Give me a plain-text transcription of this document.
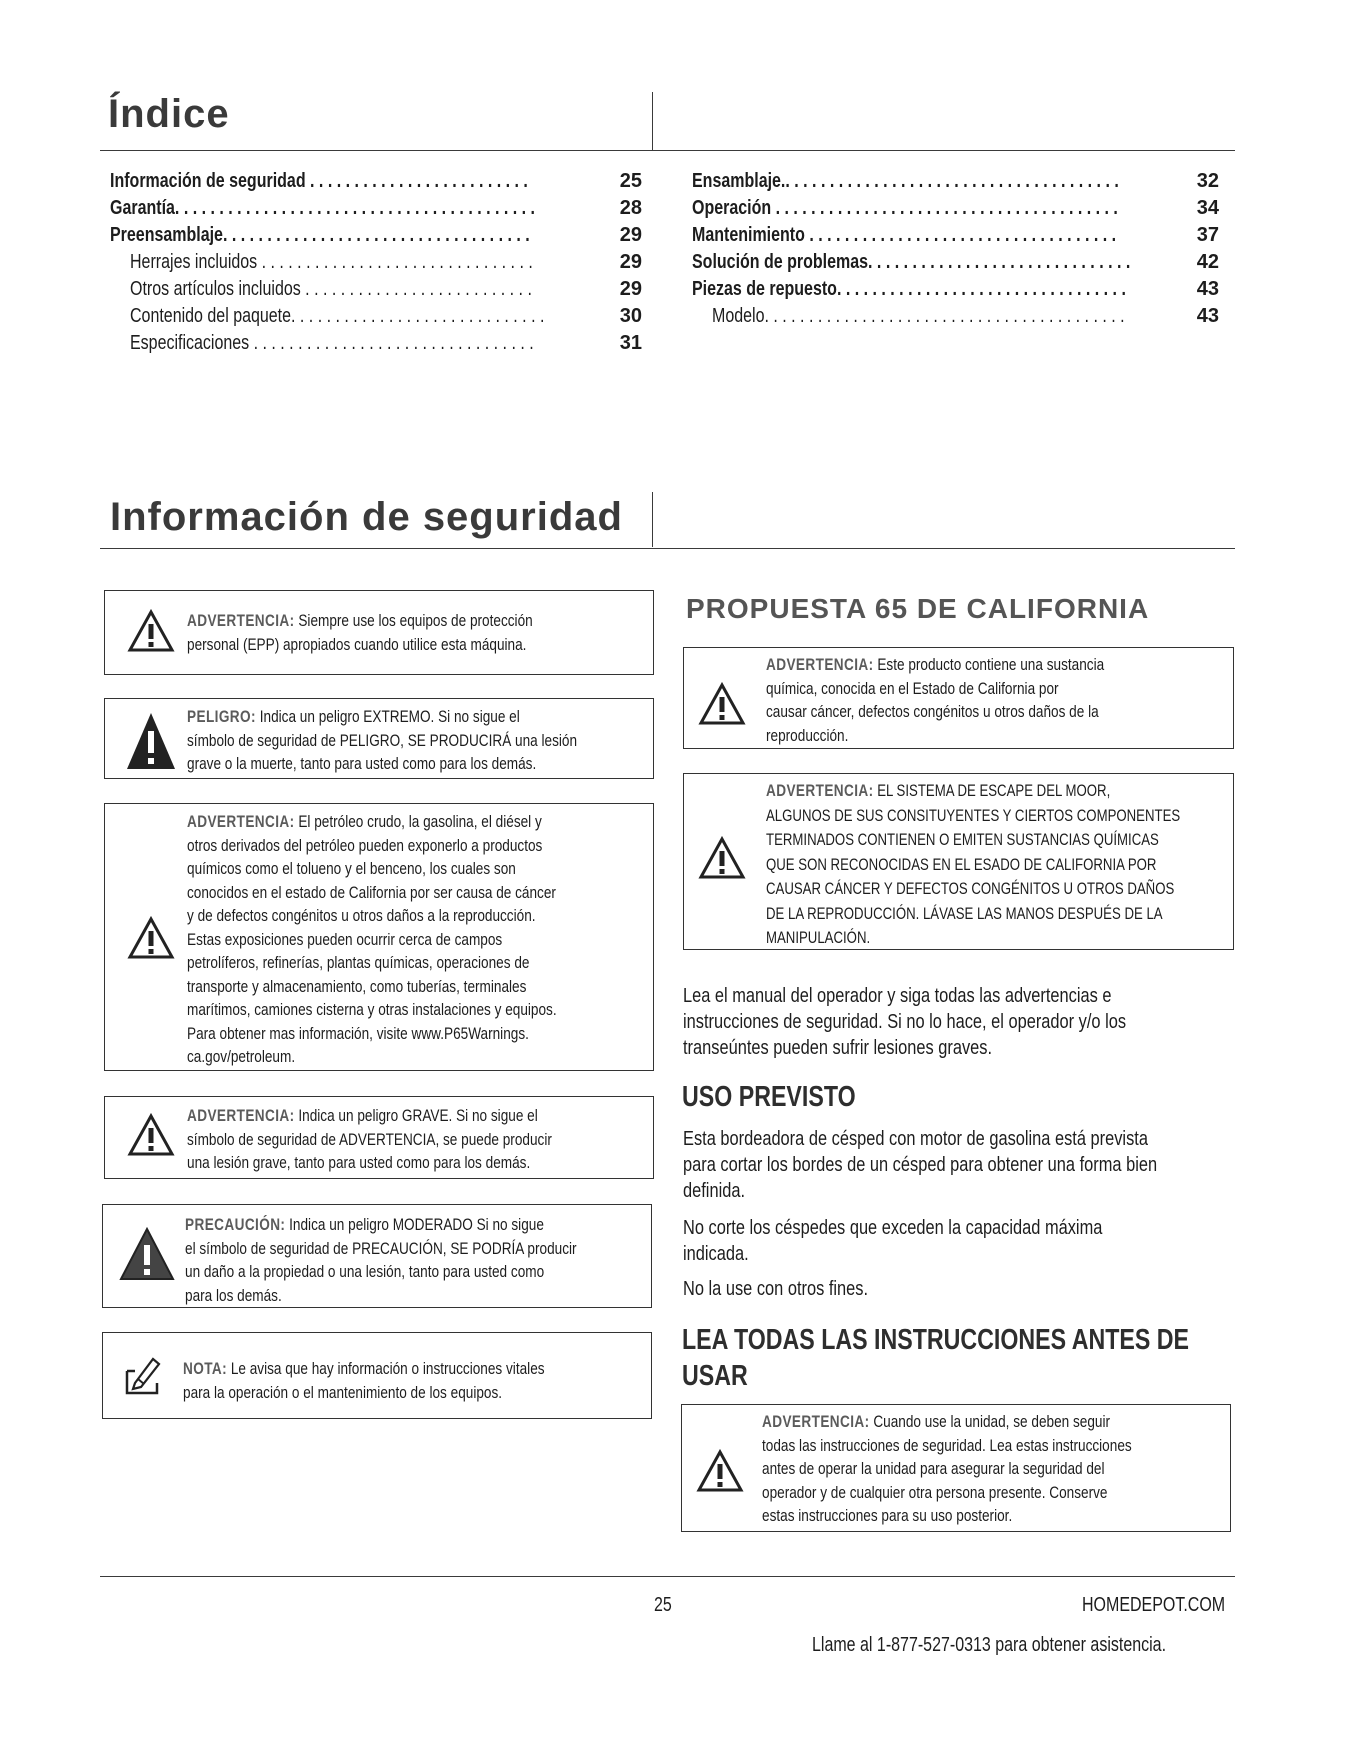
Índice
Información de seguridad . . . . . . . . . . . . . . . . . . . . . . . . .	25
Garantía. . . . . . . . . . . . . . . . . . . . . . . . . . . . . . . . . . . . . . . . .	28
Preensamblaje. . . . . . . . . . . . . . . . . . . . . . . . . . . . . . . . . . .	29
Herrajes incluidos . . . . . . . . . . . . . . . . . . . . . . . . . . . . . . .	29
Otros artículos incluidos . . . . . . . . . . . . . . . . . . . . . . . . . .	29
Contenido del paquete. . . . . . . . . . . . . . . . . . . . . . . . . . . . .	30
Especificaciones . . . . . . . . . . . . . . . . . . . . . . . . . . . . . . . .	31
Ensamblaje.. . . . . . . . . . . . . . . . . . . . . . . . . . . . . . . . . . . . . .	32
Operación . . . . . . . . . . . . . . . . . . . . . . . . . . . . . . . . . . . . . . .	34
Mantenimiento . . . . . . . . . . . . . . . . . . . . . . . . . . . . . . . . . . .	37
Solución de problemas. . . . . . . . . . . . . . . . . . . . . . . . . . . . . .	42
Piezas de repuesto. . . . . . . . . . . . . . . . . . . . . . . . . . . . . . . . .	43
Modelo. . . . . . . . . . . . . . . . . . . . . . . . . . . . . . . . . . . . . . . . .	43
Información de seguridad
ADVERTENCIA: Siempre use los equipos de protección
personal (EPP) apropiados cuando utilice esta máquina.
PELIGRO: Indica un peligro EXTREMO. Si no sigue el
símbolo de seguridad de PELIGRO, SE PRODUCIRÁ una lesión
grave o la muerte, tanto para usted como para los demás.
ADVERTENCIA: El petróleo crudo, la gasolina, el diésel y
otros derivados del petróleo pueden exponerlo a productos
químicos como el tolueno y el benceno, los cuales son
conocidos en el estado de California por ser causa de cáncer
y de defectos congénitos u otros daños a la reproducción.
Estas exposiciones pueden ocurrir cerca de campos
petrolíferos, refinerías, plantas químicas, operaciones de
transporte y almacenamiento, como tuberías, terminales
marítimos, camiones cisterna y otras instalaciones y equipos.
Para obtener mas información, visite www.P65Warnings.
ca.gov/petroleum.

ADVERTENCIA: Indica un peligro GRAVE. Si no sigue el
símbolo de seguridad de ADVERTENCIA, se puede producir
una lesión grave, tanto para usted como para los demás.
PRECAUCIÓN: Indica un peligro MODERADO Si no sigue
el símbolo de seguridad de PRECAUCIÓN, SE PODRÍA producir
un daño a la propiedad o una lesión, tanto para usted como
para los demás.
NOTA: Le avisa que hay información o instrucciones vitales
para la operación o el mantenimiento de los equipos.
PROPUESTA 65 DE CALIFORNIA
ADVERTENCIA: Este producto contiene una sustancia
química, conocida en el Estado de California por
causar cáncer, defectos congénitos u otros daños de la
reproducción.
ADVERTENCIA: EL SISTEMA DE ESCAPE DEL MOOR,
ALGUNOS DE SUS CONSITUYENTES Y CIERTOS COMPONENTES
TERMINADOS CONTIENEN O EMITEN SUSTANCIAS QUÍMICAS
QUE SON RECONOCIDAS EN EL ESADO DE CALIFORNIA POR
CAUSAR CÁNCER Y DEFECTOS CONGÉNITOS U OTROS DAÑOS
DE LA REPRODUCCIÓN. LÁVASE LAS MANOS DESPUÉS DE LA
MANIPULACIÓN.

Lea el manual del operador y siga todas las advertencias e
instrucciones de seguridad. Si no lo hace, el operador y/o los
transeúntes pueden sufrir lesiones graves.
USO PREVISTO
Esta bordeadora de césped con motor de gasolina está prevista
para cortar los bordes de un césped para obtener una forma bien
definida.
No corte los céspedes que exceden la capacidad máxima
indicada.
No la use con otros fines.
LEA TODAS LAS INSTRUCCIONES ANTES DE
USAR
ADVERTENCIA: Cuando use la unidad, se deben seguir
todas las instrucciones de seguridad. Lea estas instrucciones
antes de operar la unidad para asegurar la seguridad del
operador y de cualquier otra persona presente. Conserve
estas instrucciones para su uso posterior.

25	HOMEDEPOT.COM
Llame al 1-877-527-0313 para obtener asistencia.
